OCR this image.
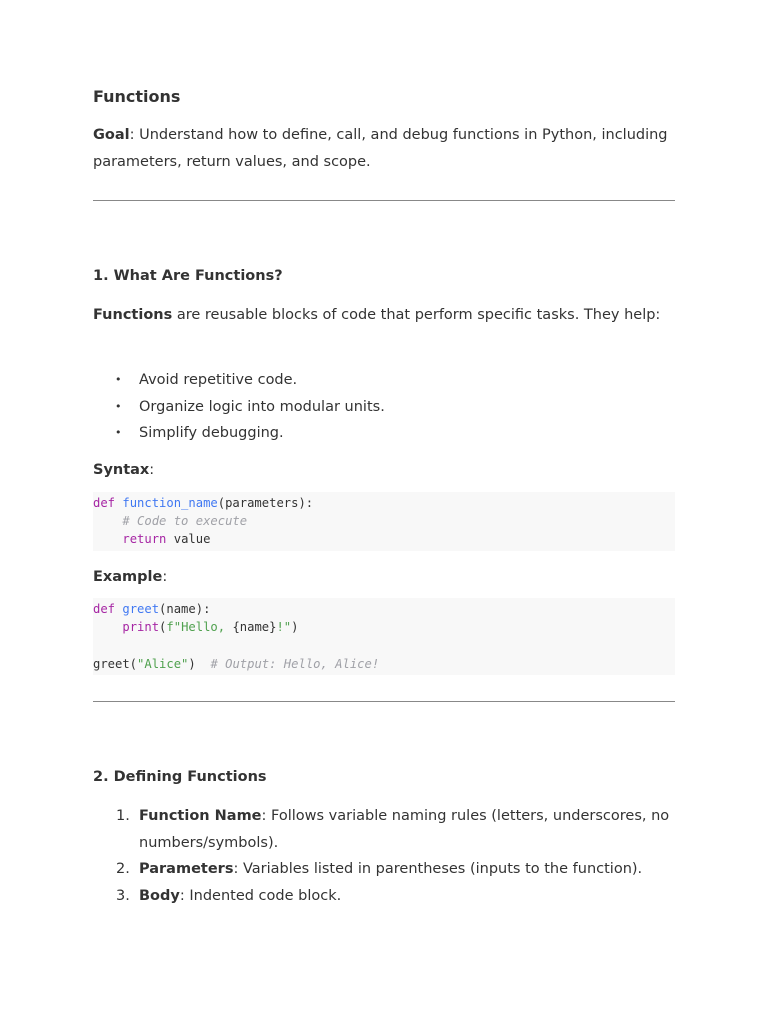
Functions

Goal: Understand how to define, call, and debug functions in Python, including parameters, return values, and scope.

1. What Are Functions?

Functions are reusable blocks of code that perform specific tasks. They help:

• Avoid repetitive code.
• Organize logic into modular units.
• Simplify debugging.

Syntax:

def function_name(parameters):
# Code to execute
return value

Example:

def greet(name):
print(f"Hello, {name}!")

greet("Alice") # Output: Hello, Alice!
2. Defining Functions
1. Function Name: Follows variable naming rules (letters, underscores, no numbers/symbols).
2. Parameters: Variables listed in parentheses (inputs to the function).
3. Body: Indented code block.
